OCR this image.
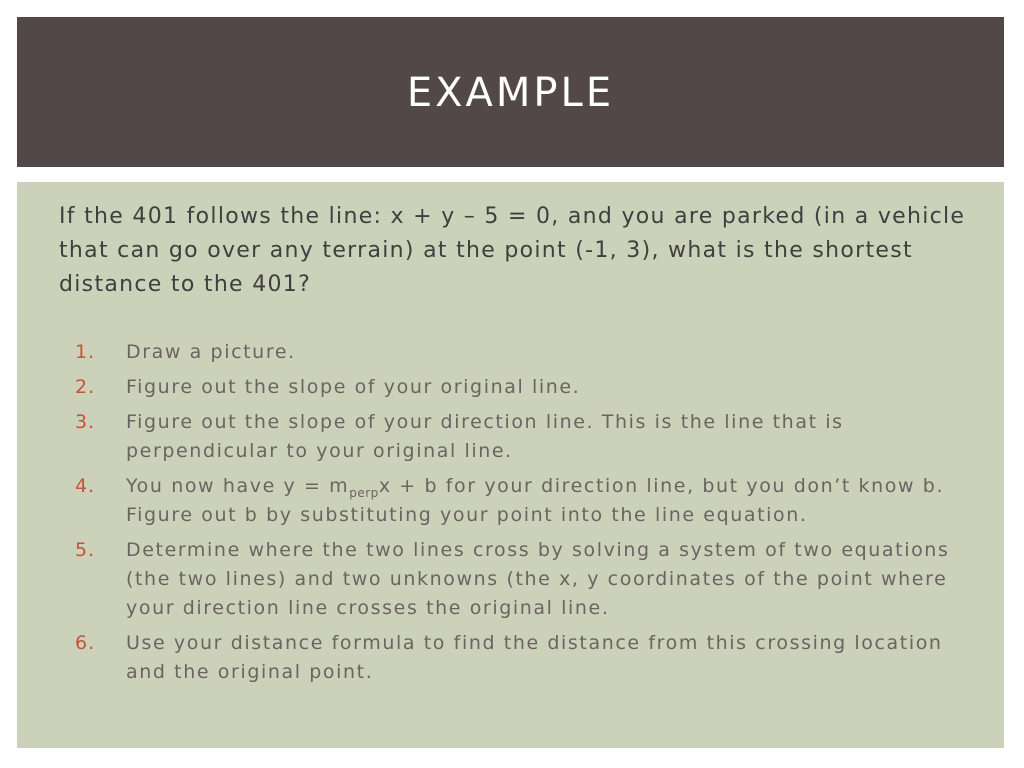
EXAMPLE

If the 401 follows the line: x + y – 5 = 0, and you are parked (in a vehicle that can go over any terrain) at the point (-1, 3), what is the shortest distance to the 401?

1.	Draw a picture.
2.	Figure out the slope of your original line.
3.	Figure out the slope of your direction line. This is the line that is perpendicular to your original line.
4.	You now have $y = m_{perp}x + b$ for your direction line, but you don’t know b. Figure out b by substituting your point into the line equation.
5.	Determine where the two lines cross by solving a system of two equations (the two lines) and two unknowns (the x, y coordinates of the point where your direction line crosses the original line.
6.	Use your distance formula to find the distance from this crossing location and the original point.
